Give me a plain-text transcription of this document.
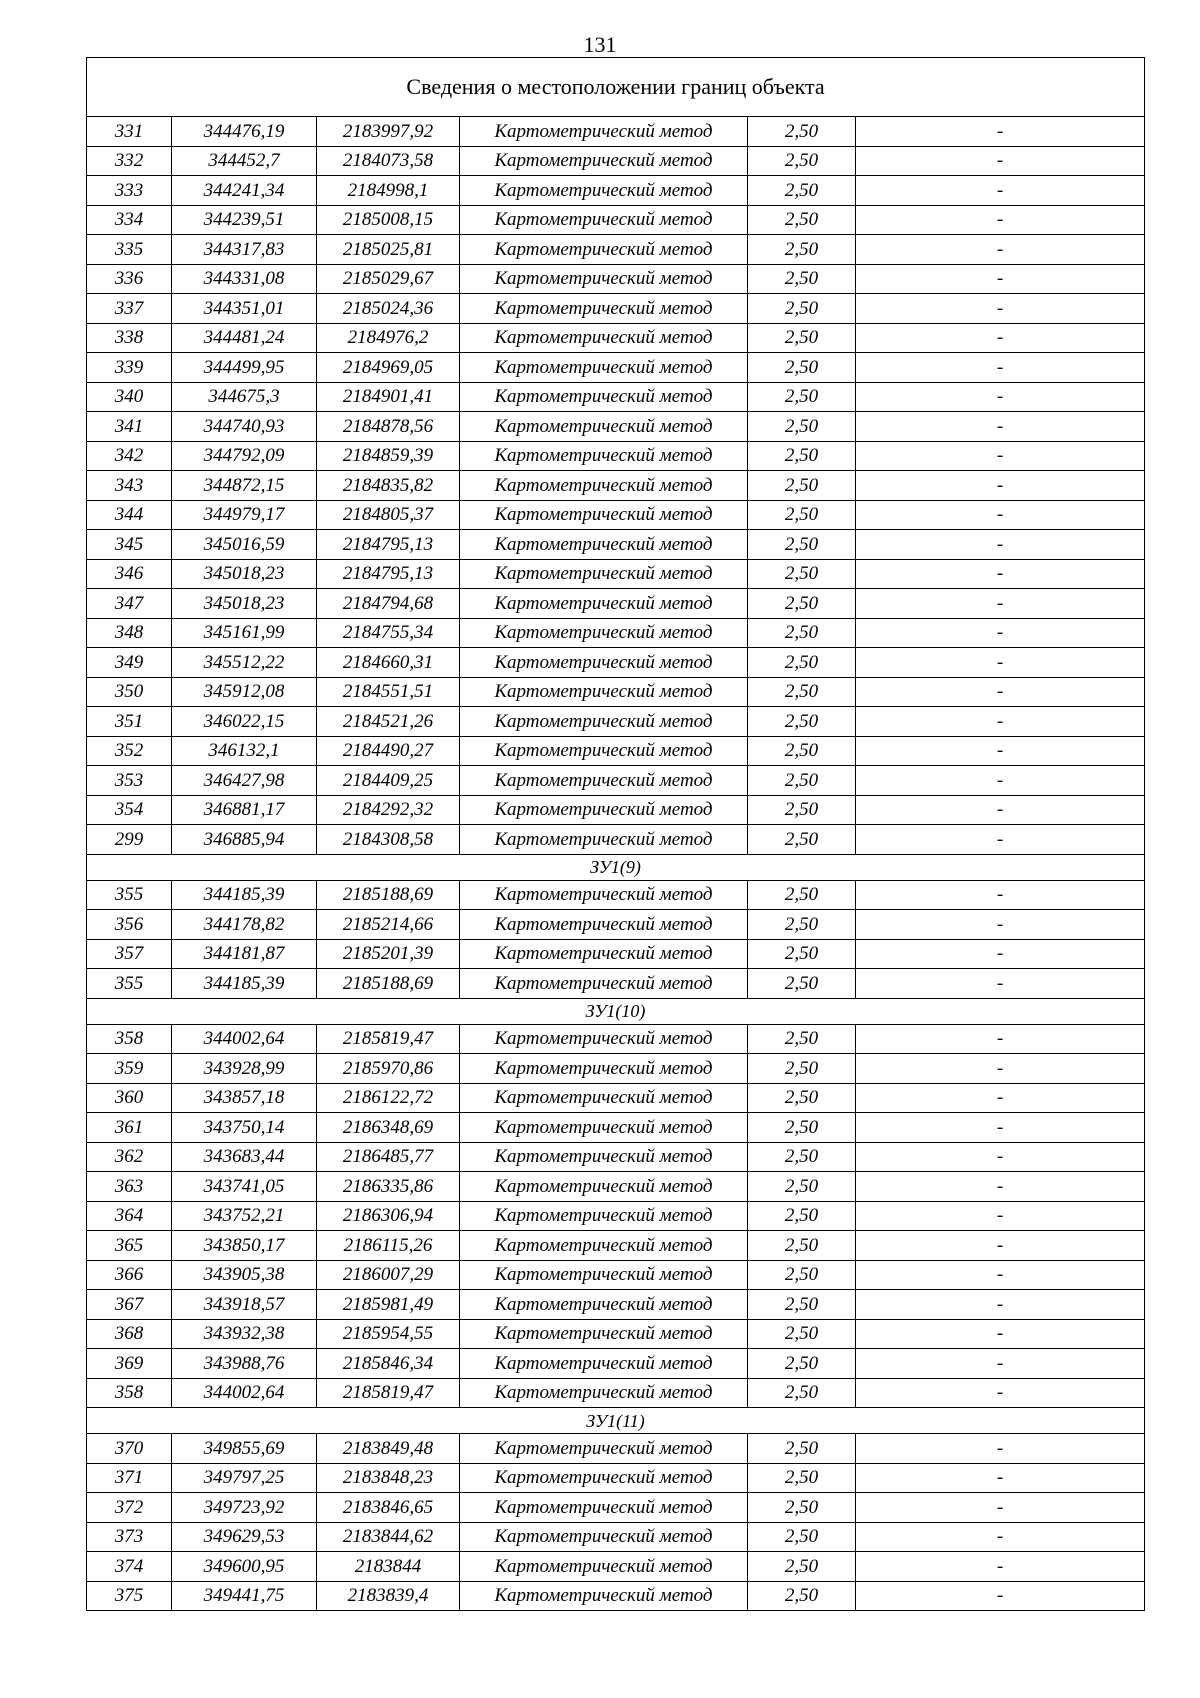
131
Сведения о местоположении границ объекта					
331	344476,19	2183997,92	Картометрический метод	2,50	-
332	344452,7	2184073,58	Картометрический метод	2,50	-
333	344241,34	2184998,1	Картометрический метод	2,50	-
334	344239,51	2185008,15	Картометрический метод	2,50	-
335	344317,83	2185025,81	Картометрический метод	2,50	-
336	344331,08	2185029,67	Картометрический метод	2,50	-
337	344351,01	2185024,36	Картометрический метод	2,50	-
338	344481,24	2184976,2	Картометрический метод	2,50	-
339	344499,95	2184969,05	Картометрический метод	2,50	-
340	344675,3	2184901,41	Картометрический метод	2,50	-
341	344740,93	2184878,56	Картометрический метод	2,50	-
342	344792,09	2184859,39	Картометрический метод	2,50	-
343	344872,15	2184835,82	Картометрический метод	2,50	-
344	344979,17	2184805,37	Картометрический метод	2,50	-
345	345016,59	2184795,13	Картометрический метод	2,50	-
346	345018,23	2184795,13	Картометрический метод	2,50	-
347	345018,23	2184794,68	Картометрический метод	2,50	-
348	345161,99	2184755,34	Картометрический метод	2,50	-
349	345512,22	2184660,31	Картометрический метод	2,50	-
350	345912,08	2184551,51	Картометрический метод	2,50	-
351	346022,15	2184521,26	Картометрический метод	2,50	-
352	346132,1	2184490,27	Картометрический метод	2,50	-
353	346427,98	2184409,25	Картометрический метод	2,50	-
354	346881,17	2184292,32	Картометрический метод	2,50	-
299	346885,94	2184308,58	Картометрический метод	2,50	-
ЗУ1(9)					
355	344185,39	2185188,69	Картометрический метод	2,50	-
356	344178,82	2185214,66	Картометрический метод	2,50	-
357	344181,87	2185201,39	Картометрический метод	2,50	-
355	344185,39	2185188,69	Картометрический метод	2,50	-
ЗУ1(10)					
358	344002,64	2185819,47	Картометрический метод	2,50	-
359	343928,99	2185970,86	Картометрический метод	2,50	-
360	343857,18	2186122,72	Картометрический метод	2,50	-
361	343750,14	2186348,69	Картометрический метод	2,50	-
362	343683,44	2186485,77	Картометрический метод	2,50	-
363	343741,05	2186335,86	Картометрический метод	2,50	-
364	343752,21	2186306,94	Картометрический метод	2,50	-
365	343850,17	2186115,26	Картометрический метод	2,50	-
366	343905,38	2186007,29	Картометрический метод	2,50	-
367	343918,57	2185981,49	Картометрический метод	2,50	-
368	343932,38	2185954,55	Картометрический метод	2,50	-
369	343988,76	2185846,34	Картометрический метод	2,50	-
358	344002,64	2185819,47	Картометрический метод	2,50	-
ЗУ1(11)					
370	349855,69	2183849,48	Картометрический метод	2,50	-
371	349797,25	2183848,23	Картометрический метод	2,50	-
372	349723,92	2183846,65	Картометрический метод	2,50	-
373	349629,53	2183844,62	Картометрический метод	2,50	-
374	349600,95	2183844	Картометрический метод	2,50	-
375	349441,75	2183839,4	Картометрический метод	2,50	-
